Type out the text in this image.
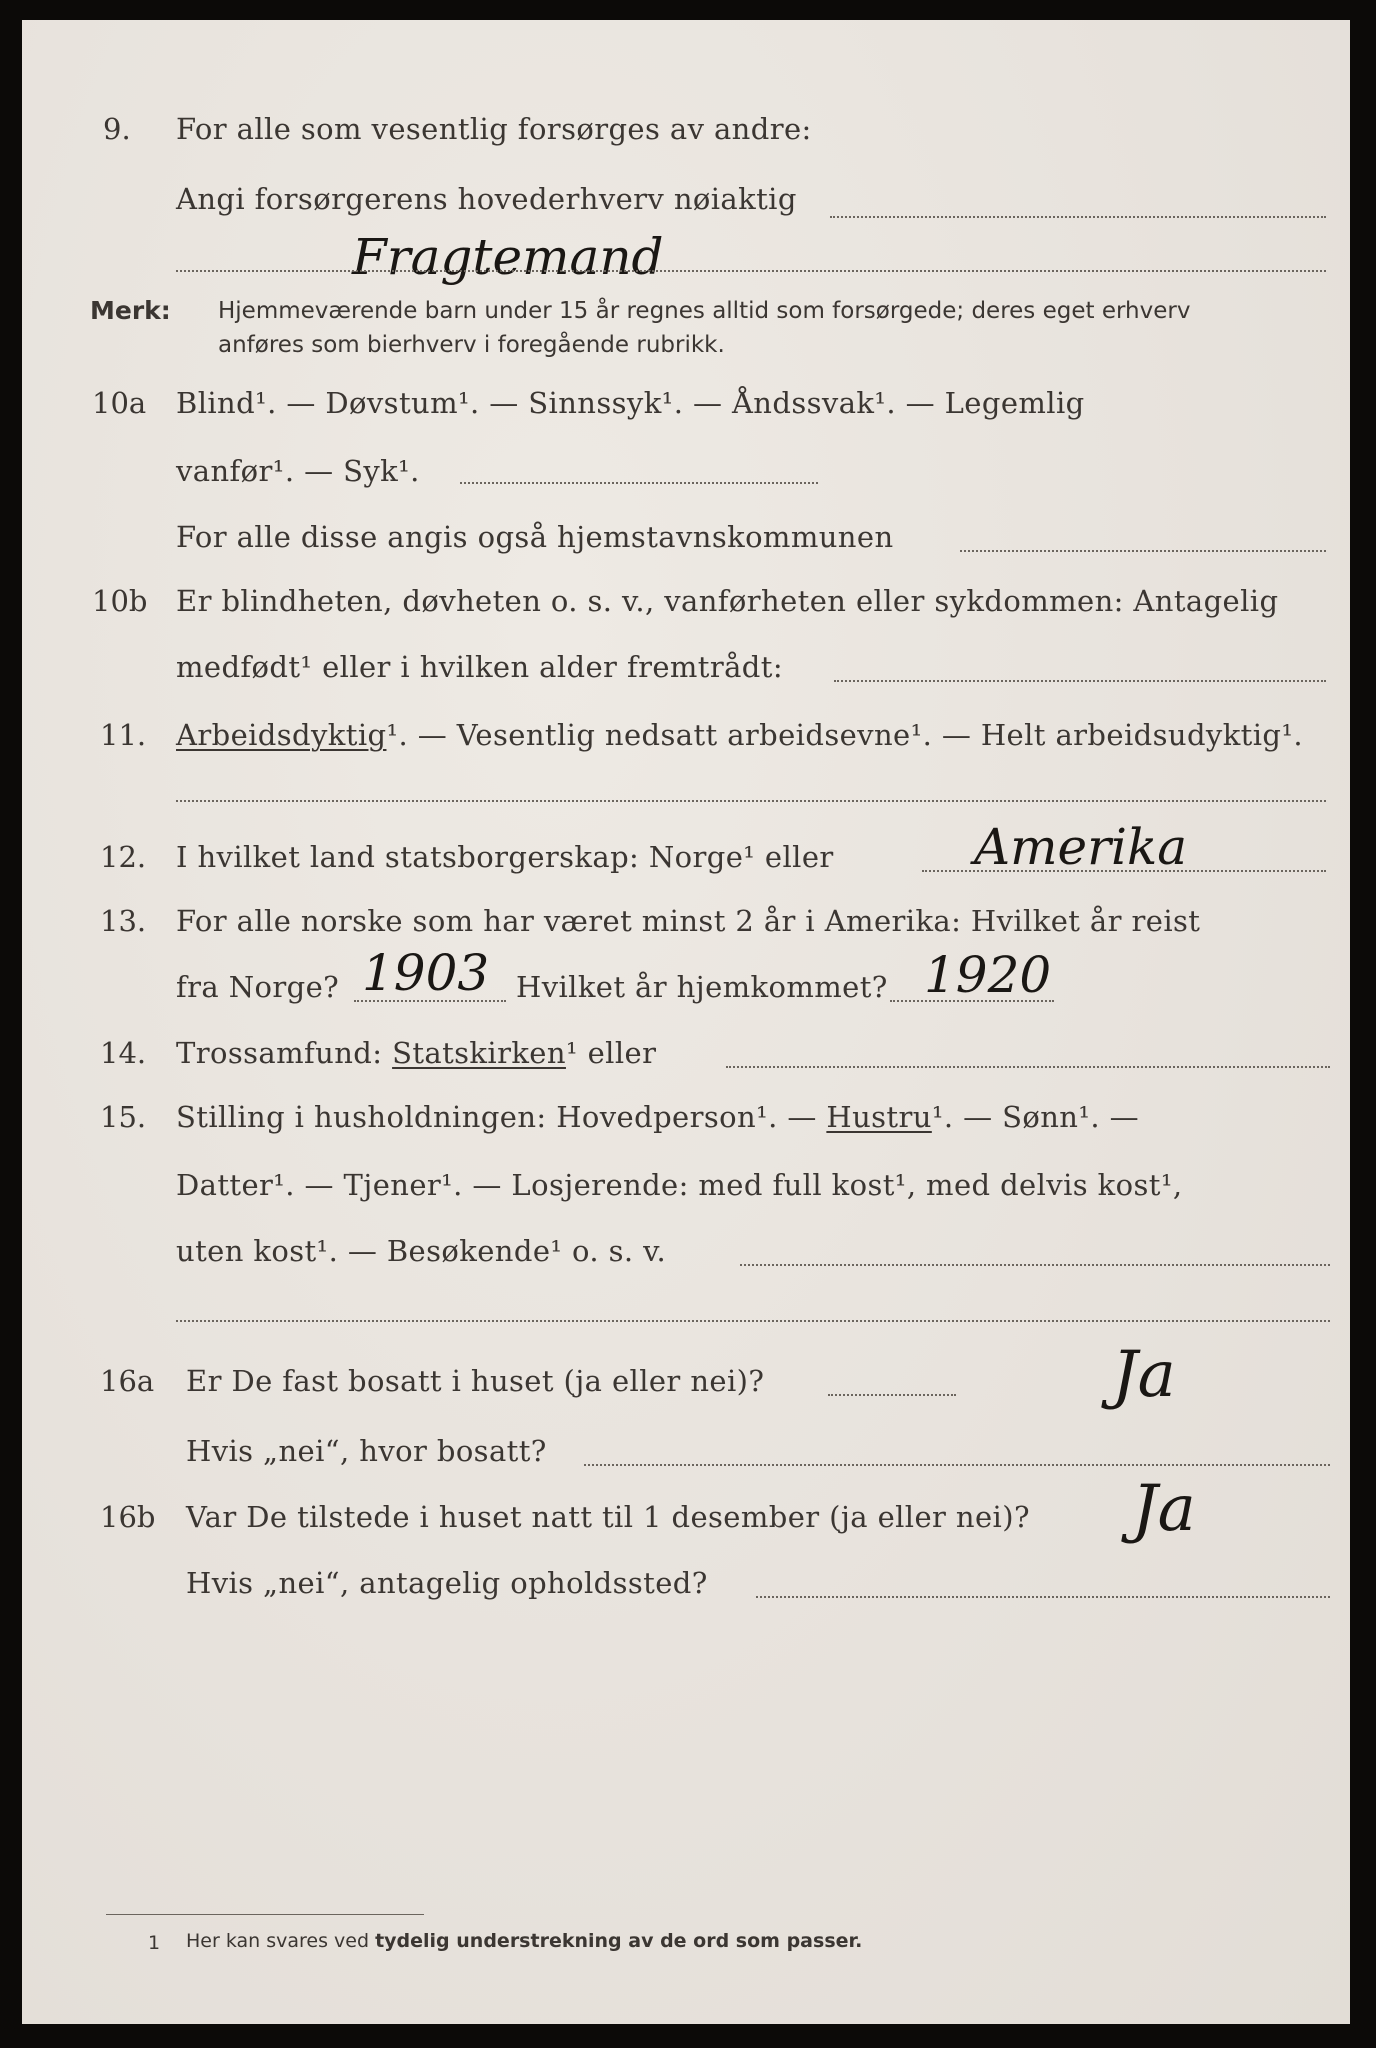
9. For alle som vesentlig forsørges av andre:
Angi forsørgerens hovederhverv nøiaktig
Fragtemand
Merk: Hjemmeværende barn under 15 år regnes alltid som forsørgede; deres eget erhverv
anføres som bierhverv i foregående rubrikk.
10a Blind¹. — Døvstum¹. — Sinnssyk¹. — Åndssvak¹. — Legemlig
vanfør¹. — Syk¹.
For alle disse angis også hjemstavnskommunen
10b Er blindheten, døvheten o. s. v., vanførheten eller sykdommen: Antagelig
medfødt¹ eller i hvilken alder fremtrådt:
11. Arbeidsdyktig¹. — Vesentlig nedsatt arbeidsevne¹. — Helt arbeidsudyktig¹.
12. I hvilket land statsborgerskap: Norge¹ eller	Amerika
13. For alle norske som har været minst 2 år i Amerika: Hvilket år reist
fra Norge? 1903 Hvilket år hjemkommet? 1920
14. Trossamfund: Statskirken¹ eller
15. Stilling i husholdningen: Hovedperson¹. — Hustru¹. — Sønn¹. —
Datter¹. — Tjener¹. — Losjerende: med full kost¹, med delvis kost¹,
uten kost¹. — Besøkende¹ o. s. v.
16a Er De fast bosatt i huset (ja eller nei)?	Ja
Hvis „nei“, hvor bosatt?
16b Var De tilstede i huset natt til 1 desember (ja eller nei)? Ja
Hvis „nei“, antagelig opholdssted?
1 Her kan svares ved tydelig understrekning av de ord som passer.
